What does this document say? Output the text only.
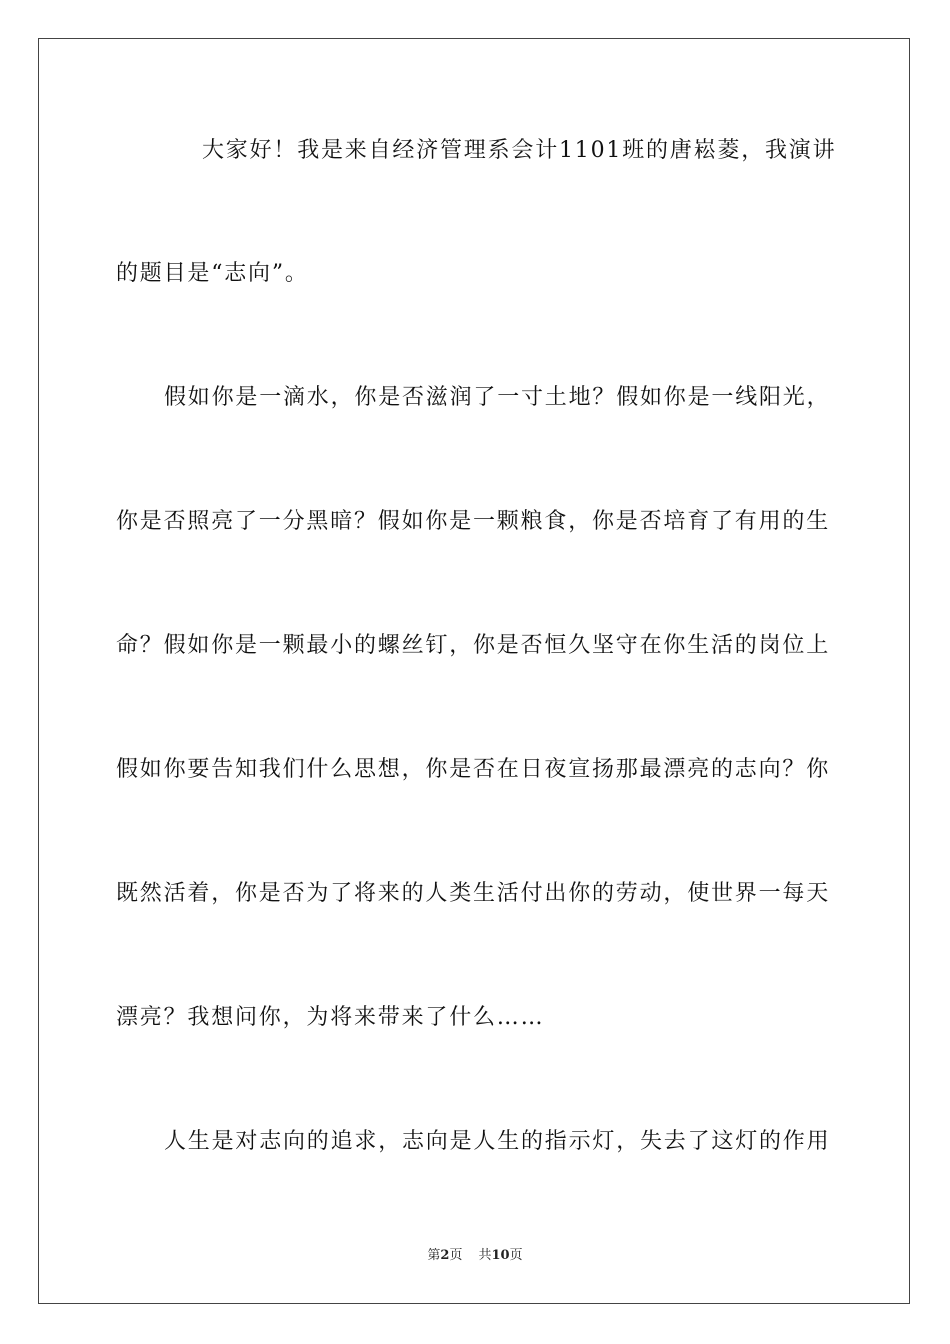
大家好！我是来自经济管理系会计1101班的唐崧菱，我演讲
的题目是“志向”。
假如你是一滴水，你是否滋润了一寸土地？假如你是一线阳光，
你是否照亮了一分黑暗？假如你是一颗粮食，你是否培育了有用的生
命？假如你是一颗最小的螺丝钉，你是否恒久坚守在你生活的岗位上
假如你要告知我们什么思想，你是否在日夜宣扬那最漂亮的志向？你
既然活着，你是否为了将来的人类生活付出你的劳动，使世界一每天
漂亮？我想问你，为将来带来了什么……
人生是对志向的追求，志向是人生的指示灯，失去了这灯的作用
第2页 共10页
